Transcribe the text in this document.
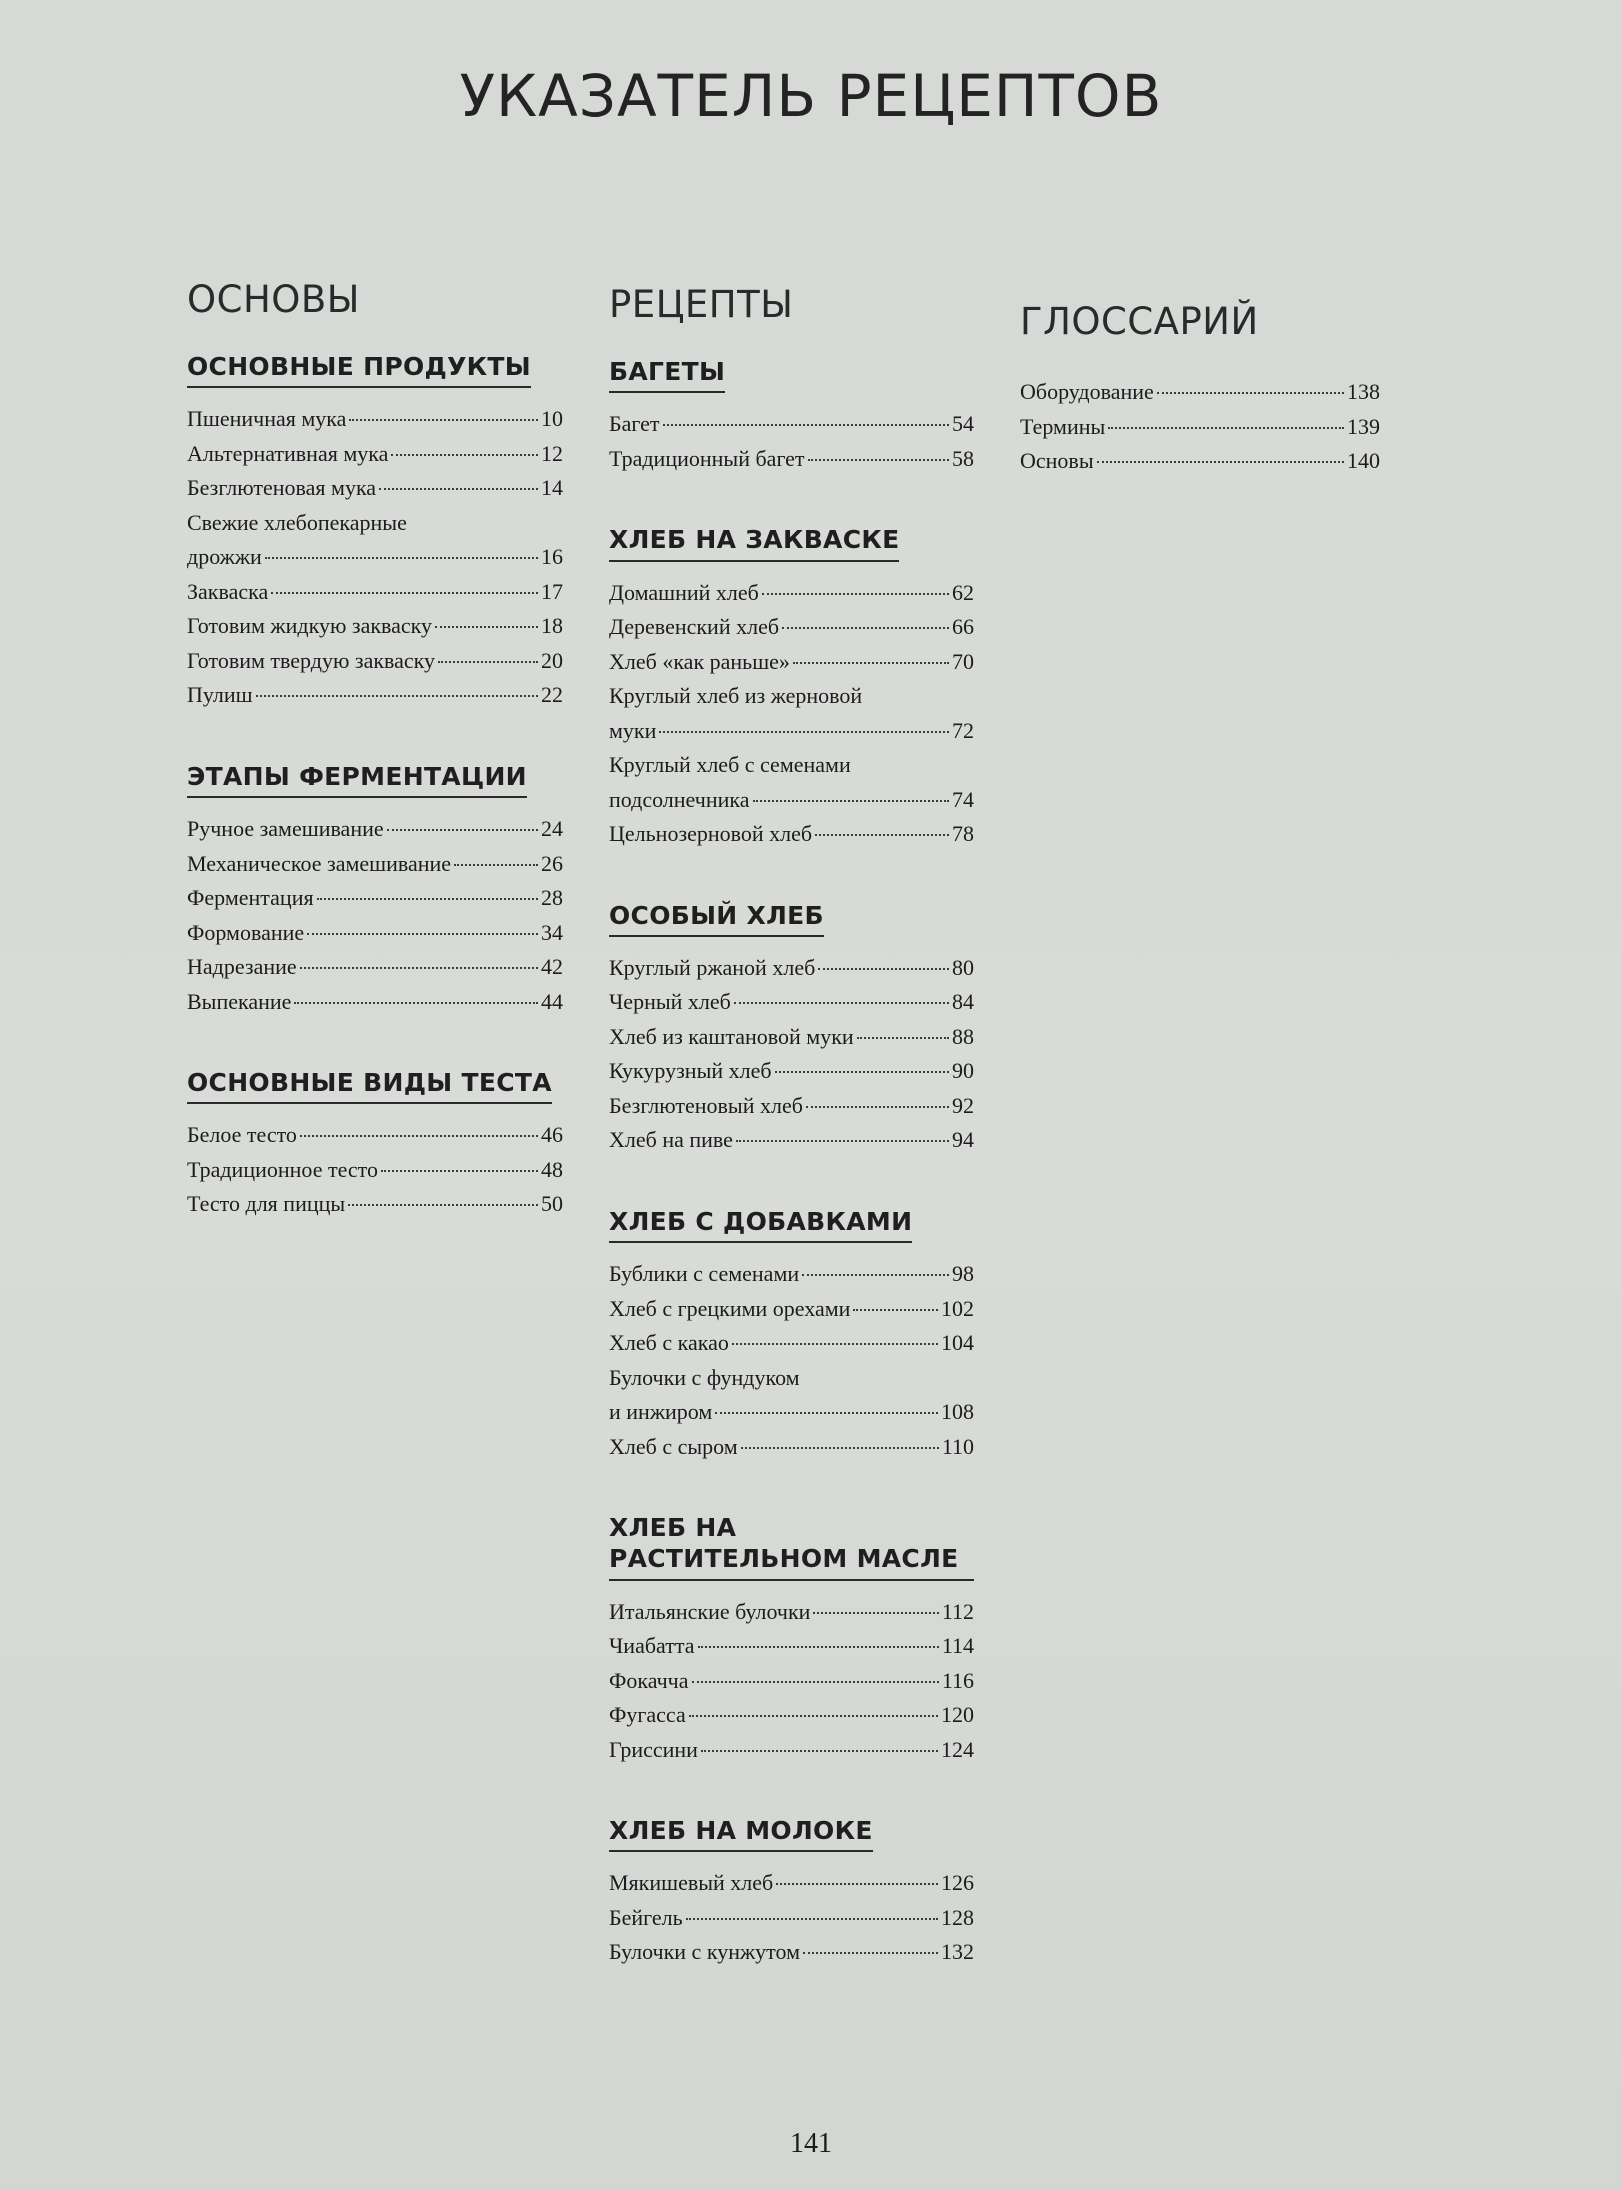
УКАЗАТЕЛЬ РЕЦЕПТОВ
ОСНОВЫ
ОСНОВНЫЕ ПРОДУКТЫ
Пшеничная мука	10
Альтернативная мука	12
Безглютеновая мука	14
Свежие хлебопекарные
дрожжи	16
Закваска	17
Готовим жидкую закваску	18
Готовим твердую закваску	20
Пулиш	22
ЭТАПЫ ФЕРМЕНТАЦИИ
Ручное замешивание	24
Механическое замешивание	26
Ферментация	28
Формование	34
Надрезание	42
Выпекание	44
ОСНОВНЫЕ ВИДЫ ТЕСТА
Белое тесто	46
Традиционное тесто	48
Тесто для пиццы	50
РЕЦЕПТЫ
БАГЕТЫ
Багет	54
Традиционный багет	58
ХЛЕБ НА ЗАКВАСКЕ
Домашний хлеб	62
Деревенский хлеб	66
Хлеб «как раньше»	70
Круглый хлеб из жерновой
муки	72
Круглый хлеб с семенами
подсолнечника	74
Цельнозерновой хлеб	78
ОСОБЫЙ ХЛЕБ
Круглый ржаной хлеб	80
Черный хлеб	84
Хлеб из каштановой муки	88
Кукурузный хлеб	90
Безглютеновый хлеб	92
Хлеб на пиве	94
ХЛЕБ С ДОБАВКАМИ
Бублики с семенами	98
Хлеб с грецкими орехами	102
Хлеб с какао	104
Булочки с фундуком
и инжиром	108
Хлеб с сыром	110
ХЛЕБ НА РАСТИТЕЛЬНОМ МАСЛЕ
Итальянские булочки	112
Чиабатта	114
Фокачча	116
Фугасса	120
Гриссини	124
ХЛЕБ НА МОЛОКЕ
Мякишевый хлеб	126
Бейгель	128
Булочки с кунжутом	132
ГЛОССАРИЙ
Оборудование	138
Термины	139
Основы	140
141
